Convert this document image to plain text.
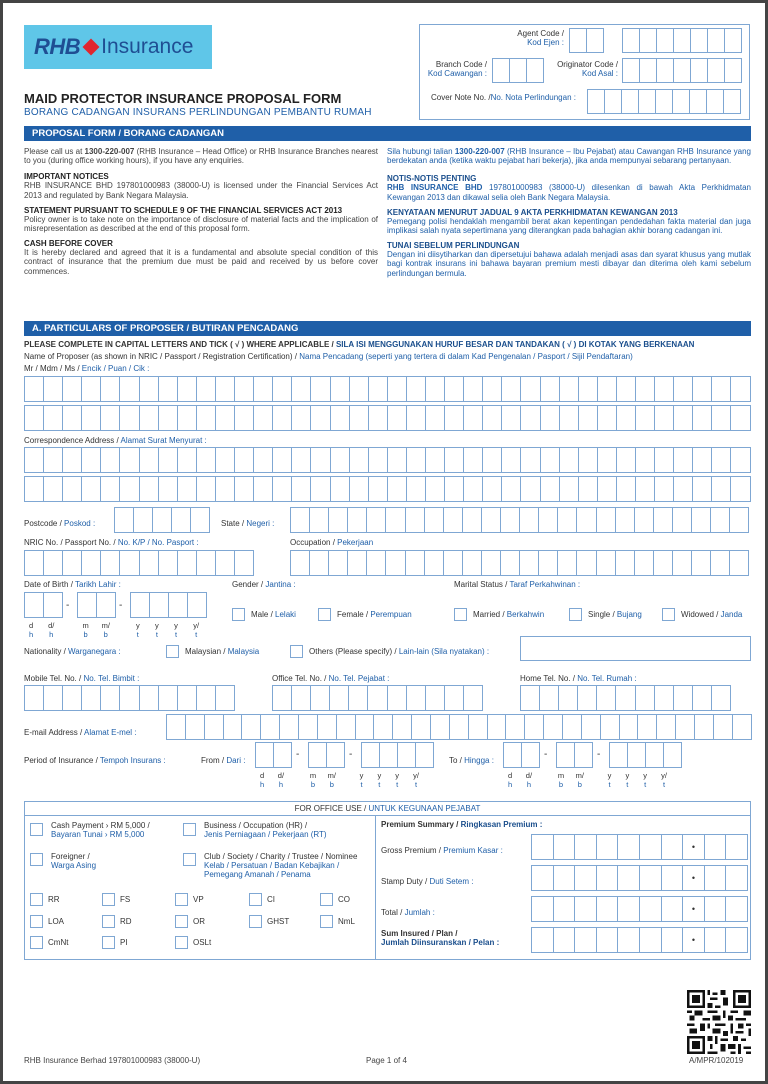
RHB Insurance
MAID PROTECTOR INSURANCE PROPOSAL FORM
BORANG CADANGAN INSURANS PERLINDUNGAN PEMBANTU RUMAH
Agent Code /
Kod Ejen :
Branch Code /
Kod Cawangan :
Originator Code /
Kod Asal :
Cover Note No. /No. Nota Perlindungan :
PROPOSAL FORM / BORANG CADANGAN
Please call us at 1300-220-007 (RHB Insurance – Head Office) or RHB Insurance Branches nearest to you (during office working hours), if you have any enquiries.
IMPORTANT NOTICES
RHB INSURANCE BHD 197801000983 (38000-U) is licensed under the Financial Services Act 2013 and regulated by Bank Negara Malaysia.
STATEMENT PURSUANT TO SCHEDULE 9 OF THE FINANCIAL SERVICES ACT 2013
Policy owner is to take note on the importance of disclosure of material facts and the implication of misrepresentation as described at the end of this proposal form.
CASH BEFORE COVER
It is hereby declared and agreed that it is a fundamental and absolute special condition of this contract of insurance that the premium due must be paid and received by us before cover commences.
Sila hubungi talian 1300-220-007 (RHB Insurance – Ibu Pejabat) atau Cawangan RHB Insurance yang berdekatan anda (ketika waktu pejabat hari bekerja), jika anda mempunyai sebarang pertanyaan.
NOTIS-NOTIS PENTING
RHB INSURANCE BHD 197801000983 (38000-U) dilesenkan di bawah Akta Perkhidmatan Kewangan 2013 dan dikawal selia oleh Bank Negara Malaysia.
KENYATAAN MENURUT JADUAL 9 AKTA PERKHIDMATAN KEWANGAN 2013
Pemegang polisi hendaklah mengambil berat akan kepentingan pendedahan fakta material dan juga implikasi salah nyata sepertimana yang diterangkan pada bahagian akhir borang cadangan ini.
TUNAI SEBELUM PERLINDUNGAN
Dengan ini diisytiharkan dan dipersetujui bahawa adalah menjadi asas dan syarat khusus yang mutlak bagi kontrak insurans ini bahawa bayaran premium mesti dibayar dan diterima oleh kami sebelum perlindungan bermula.
A. PARTICULARS OF PROPOSER / BUTIRAN PENCADANG
PLEASE COMPLETE IN CAPITAL LETTERS AND TICK ( √ ) WHERE APPLICABLE / SILA ISI MENGGUNAKAN HURUF BESAR DAN TANDAKAN ( √ ) DI KOTAK YANG BERKENAAN
Name of Proposer (as shown in NRIC / Passport / Registration Certification) / Nama Pencadang (seperti yang tertera di dalam Kad Pengenalan / Pasport / Sijil Pendaftaran)
Mr / Mdm / Ms / Encik / Puan / Cik :
Correspondence Address / Alamat Surat Menyurat :
Postcode / Poskod :	State / Negeri :
NRIC No. / Passport No. / No. K/P / No. Pasport :	Occupation / Pekerjaan
Date of Birth / Tarikh Lahir :
-	-
d
h
d/
h
m
b
m/
b
y
t
y
t
y
t
y/
t
Gender / Jantina :	Marital Status / Taraf Perkahwinan :
Male / Lelaki	Female / Perempuan	Married / Berkahwin	Single / Bujang	Widowed / Janda
Nationality / Warganegara :	Malaysian / Malaysia	Others (Please specify) / Lain-lain (Sila nyatakan) :
Mobile Tel. No. / No. Tel. Bimbit :	Office Tel. No. / No. Tel. Pejabat :	Home Tel. No. / No. Tel. Rumah :
E-mail Address / Alamat E-mel :
Period of Insurance / Tempoh Insurans :	From / Dari :
-	-
d
h
d/
h
m
b
m/
b
y
t
y
t
y
t
y/
t
To / Hingga :
-	-
d
h
d/
h
m
b
m/
b
y
t
y
t
y
t
y/
t
FOR OFFICE USE / UNTUK KEGUNAAN PEJABAT
Cash Payment › RM 5,000 /
Bayaran Tunai › RM 5,000
Business / Occupation (HR) /
Jenis Perniagaan / Pekerjaan (RT)
Foreigner /
Warga Asing
Club / Society / Charity / Trustee / Nominee
Kelab / Persatuan / Badan Kebajikan /
Pemegang Amanah / Penama
RR	FS	VP	CI	CO
LOA	RD	OR	GHST	NmL
CmNt	PI	OSLt
Premium Summary / Ringkasan Premium :
Gross Premium / Premium Kasar :
Stamp Duty / Duti Setem :
Total / Jumlah :
Sum Insured / Plan /
Jumlah Diinsuranskan / Pelan :
•
•
•
•
RHB Insurance Berhad 197801000983 (38000-U)	Page 1 of 4	A/MPR/102019
